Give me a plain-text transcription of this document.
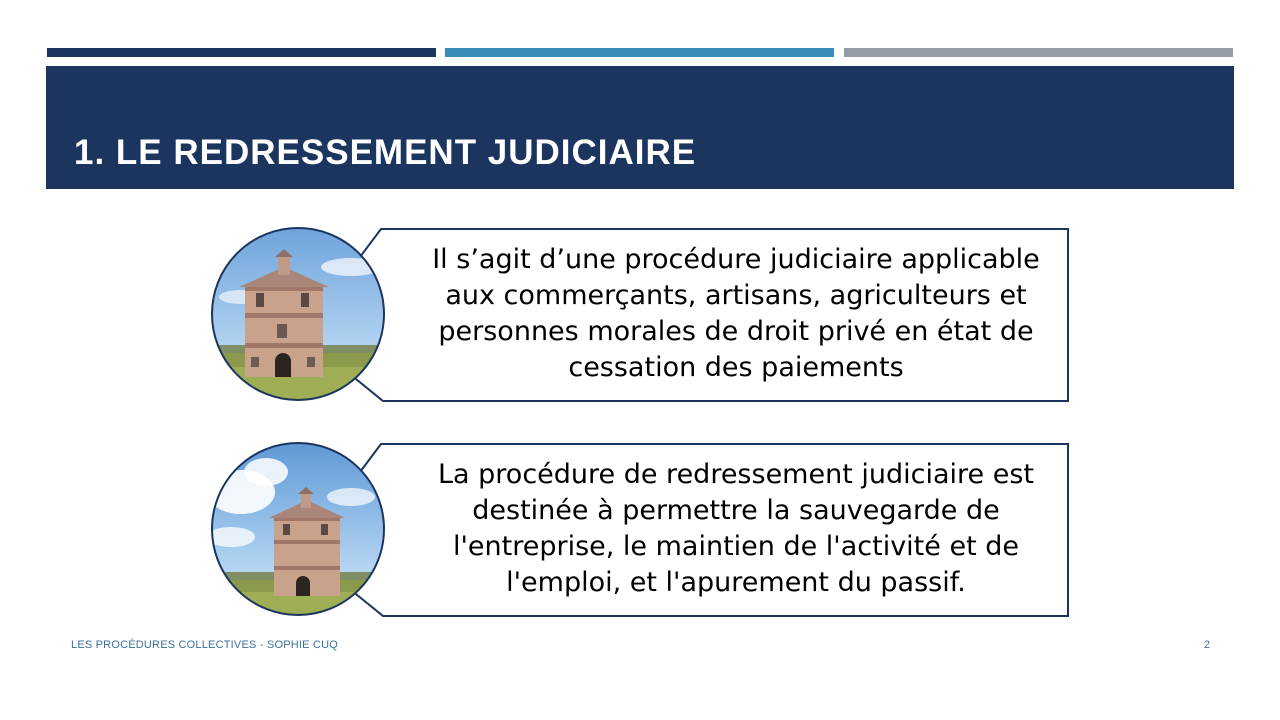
1. LE REDRESSEMENT JUDICIAIRE
Il s’agit d’une procédure judiciaire applicable aux commerçants, artisans, agriculteurs et personnes morales de droit privé en état de cessation des paiements
La procédure de redressement judiciaire est destinée à permettre la sauvegarde de l'entreprise, le maintien de l'activité et de l'emploi, et l'apurement du passif.
LES PROCÉDURES COLLECTIVES - SOPHIE CUQ	2
